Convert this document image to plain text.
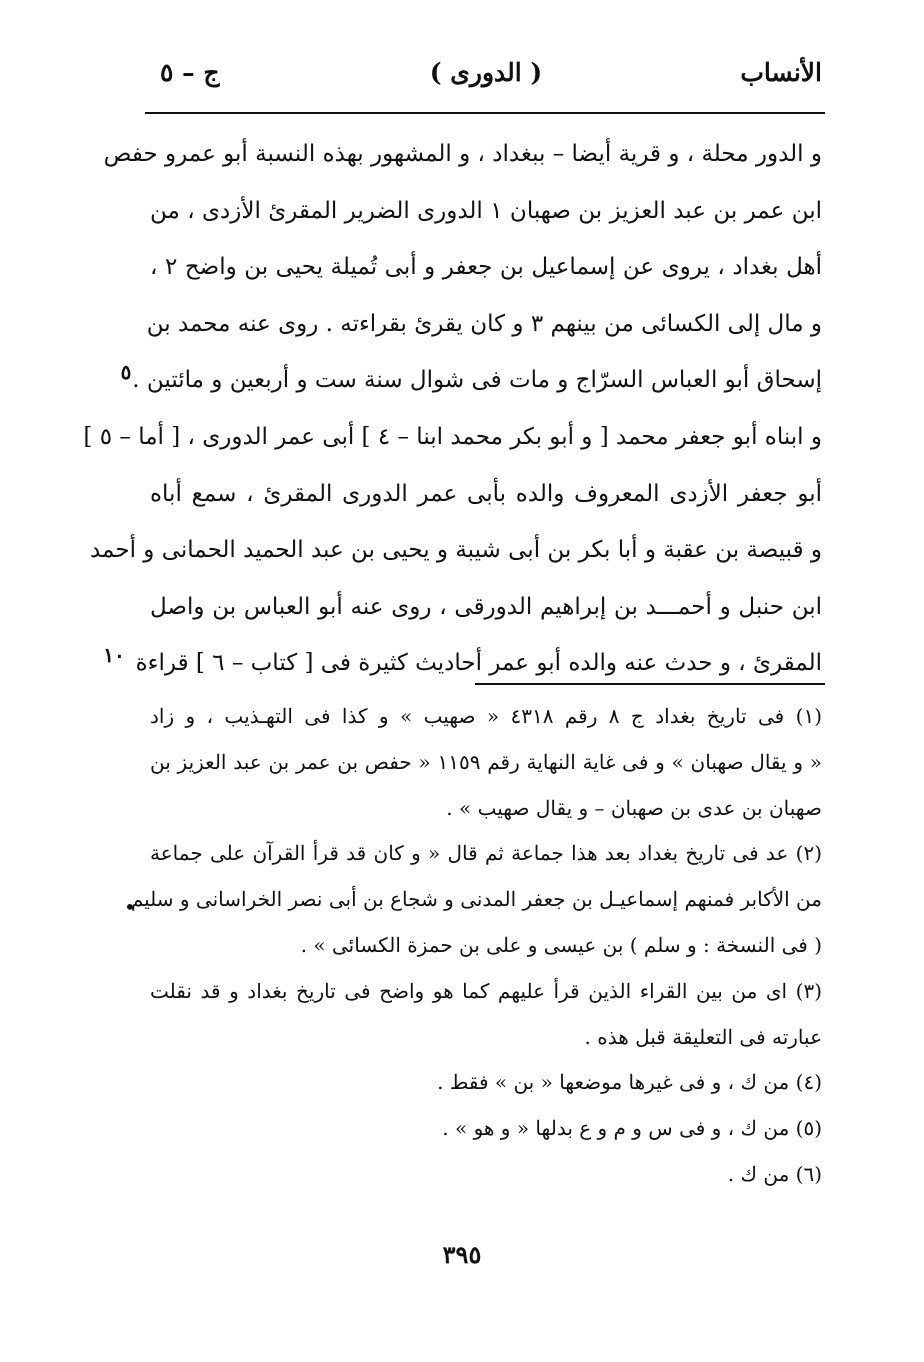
الأنساب
( الدورى )
ج – ٥
و الدور محلة ، و قرية أيضا – ببغداد ، و المشهور بهذه النسبة أبو عمرو حفص
ابن عمر بن عبد العزيز بن صهبان ١ الدورى الضرير المقرئ الأزدى ، من
أهل بغداد ، يروى عن إسماعيل بن جعفر و أبى تُميلة يحيى بن واضح ٢ ،
و مال إلى الكسائى من بينهم ٣ و كان يقرئ بقراءته . روى عنه محمد بن
إسحاق أبو العباس السرّاج و مات فى شوال سنة ست و أربعين و مائتين .
و ابناه أبو جعفر محمد [ و أبو بكر محمد ابنا – ٤ ] أبى عمر الدورى ، [ أما – ٥ ]
أبو جعفر الأزدى المعروف والده بأبى عمر الدورى المقرئ ، سمع أباه
و قبيصة بن عقبة و أبا بكر بن أبى شيبة و يحيى بن عبد الحميد الحمانى و أحمد
ابن حنبل و أحمـــد بن إبراهيم الدورقى ، روى عنه أبو العباس بن واصل
المقرئ ، و حدث عنه والده أبو عمر أحاديث كثيرة فى [ كتاب – ٦ ] قراءة
٥
١٠
(١) فى تاريخ بغداد ج ٨ رقم ٤٣١٨ « صهيب » و كذا فى التهـذيب ، و زاد
« و يقال صهبان » و فى غاية النهاية رقم ١١٥٩ « حفص بن عمر بن عبد العزيز بن
صهبان بن عدى بن صهبان – و يقال صهيب » .
(٢) عد فى تاريخ بغداد بعد هذا جماعة ثم قال « و كان قد قرأ القرآن على جماعة
من الأكابر فمنهم إسماعيـل بن جعفر المدنى و شجاع بن أبى نصر الخراسانى و سليم
( فى النسخة : و سلم ) بن عيسى و على بن حمزة الكسائى » .
(٣) اى من بين القراء الذين قرأ عليهم كما هو واضح فى تاريخ بغداد و قد نقلت
عبارته فى التعليقة قبل هذه .
(٤) من ك ، و فى غيرها موضعها « بن » فقط .
(٥) من ك ، و فى س و م و ع بدلها « و هو » .
(٦) من ك .
•
٣٩٥
